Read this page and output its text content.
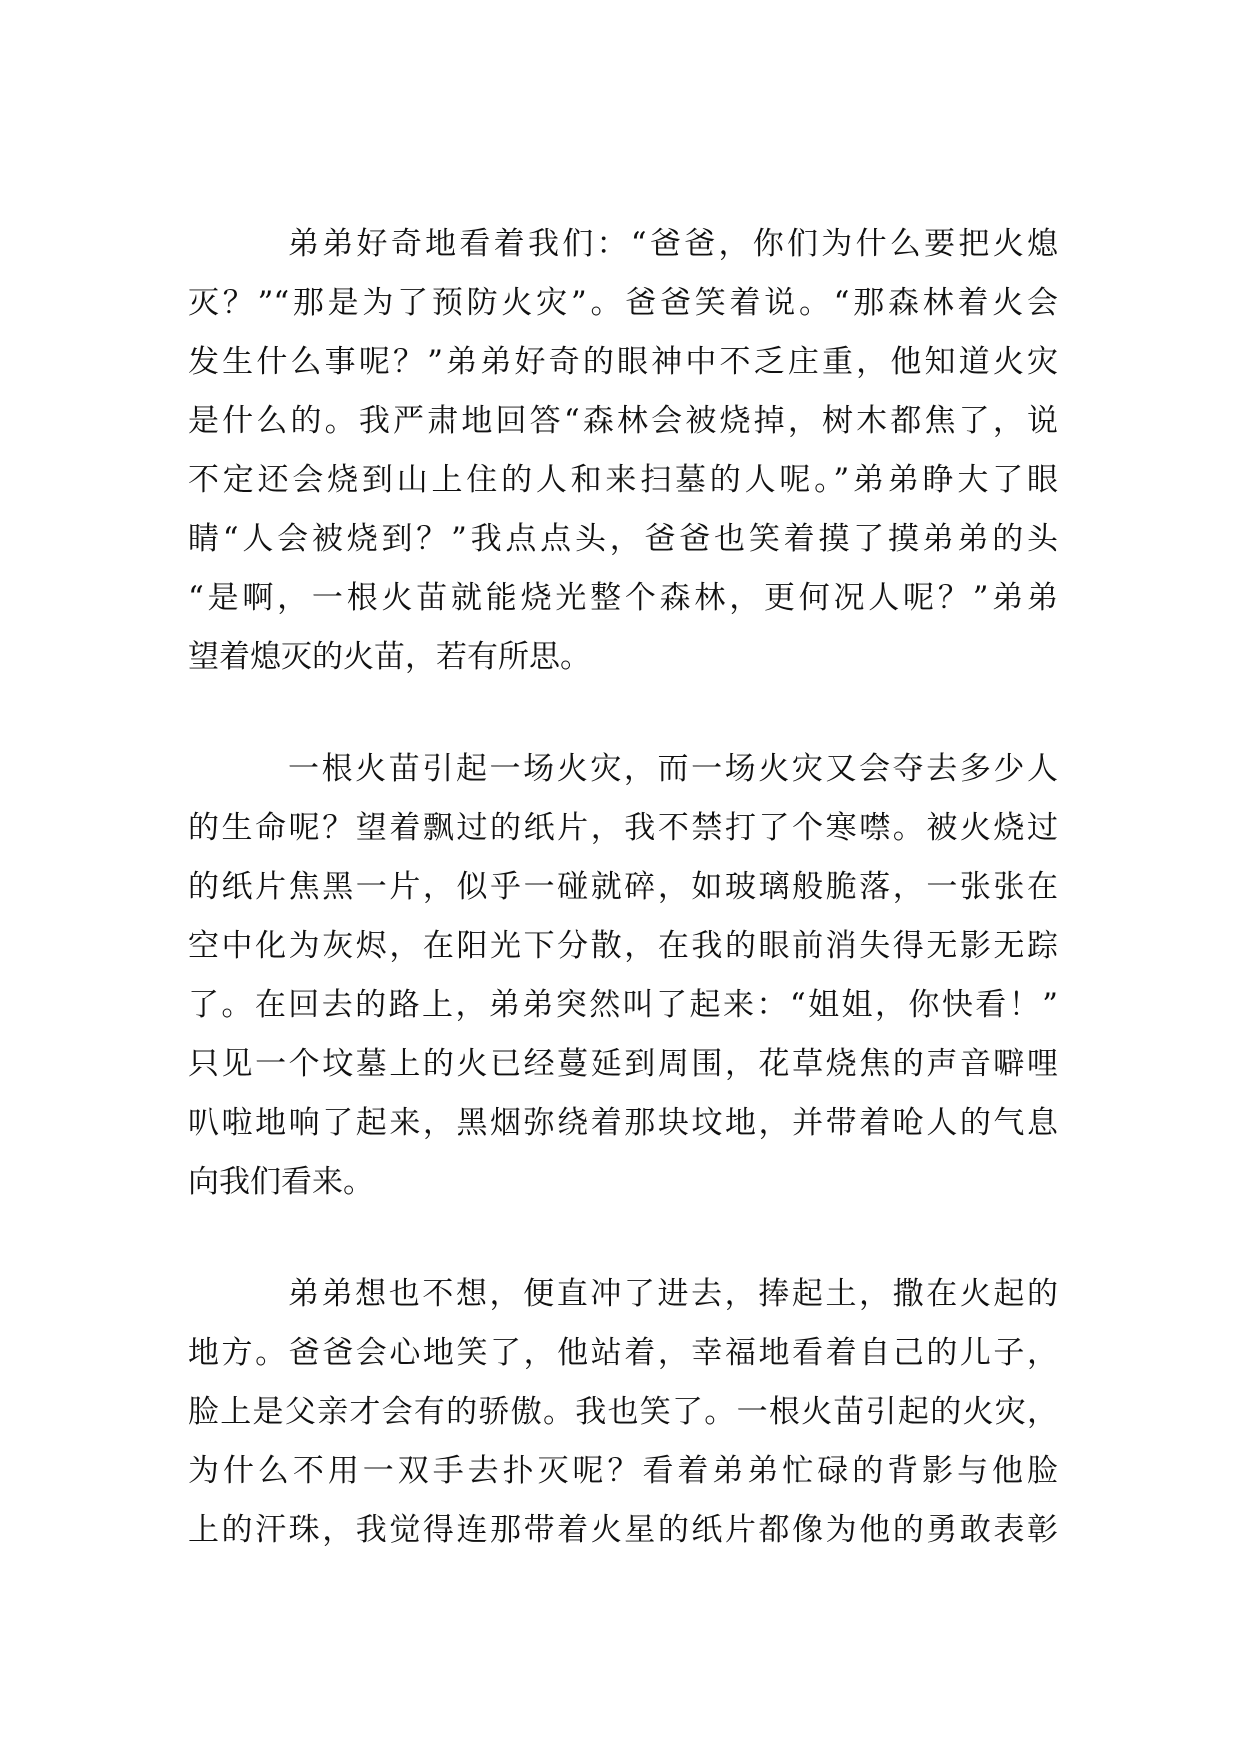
弟弟好奇地看着我们：“爸爸，你们为什么要把火熄
灭？”“那是为了预防火灾”。爸爸笑着说。“那森林着火会
发生什么事呢？”弟弟好奇的眼神中不乏庄重，他知道火灾
是什么的。我严肃地回答“森林会被烧掉，树木都焦了，说
不定还会烧到山上住的人和来扫墓的人呢。”弟弟睁大了眼
睛“人会被烧到？”我点点头，爸爸也笑着摸了摸弟弟的头
“是啊，一根火苗就能烧光整个森林，更何况人呢？”弟弟
望着熄灭的火苗，若有所思。
一根火苗引起一场火灾，而一场火灾又会夺去多少人
的生命呢？望着飘过的纸片，我不禁打了个寒噤。被火烧过
的纸片焦黑一片，似乎一碰就碎，如玻璃般脆落，一张张在
空中化为灰烬，在阳光下分散，在我的眼前消失得无影无踪
了。在回去的路上，弟弟突然叫了起来：“姐姐，你快看！”
只见一个坟墓上的火已经蔓延到周围，花草烧焦的声音噼哩
叭啦地响了起来，黑烟弥绕着那块坟地，并带着呛人的气息
向我们看来。
弟弟想也不想，便直冲了进去，捧起土，撒在火起的
地方。爸爸会心地笑了，他站着，幸福地看着自己的儿子，
脸上是父亲才会有的骄傲。我也笑了。一根火苗引起的火灾，
为什么不用一双手去扑灭呢？看着弟弟忙碌的背影与他脸
上的汗珠，我觉得连那带着火星的纸片都像为他的勇敢表彰
